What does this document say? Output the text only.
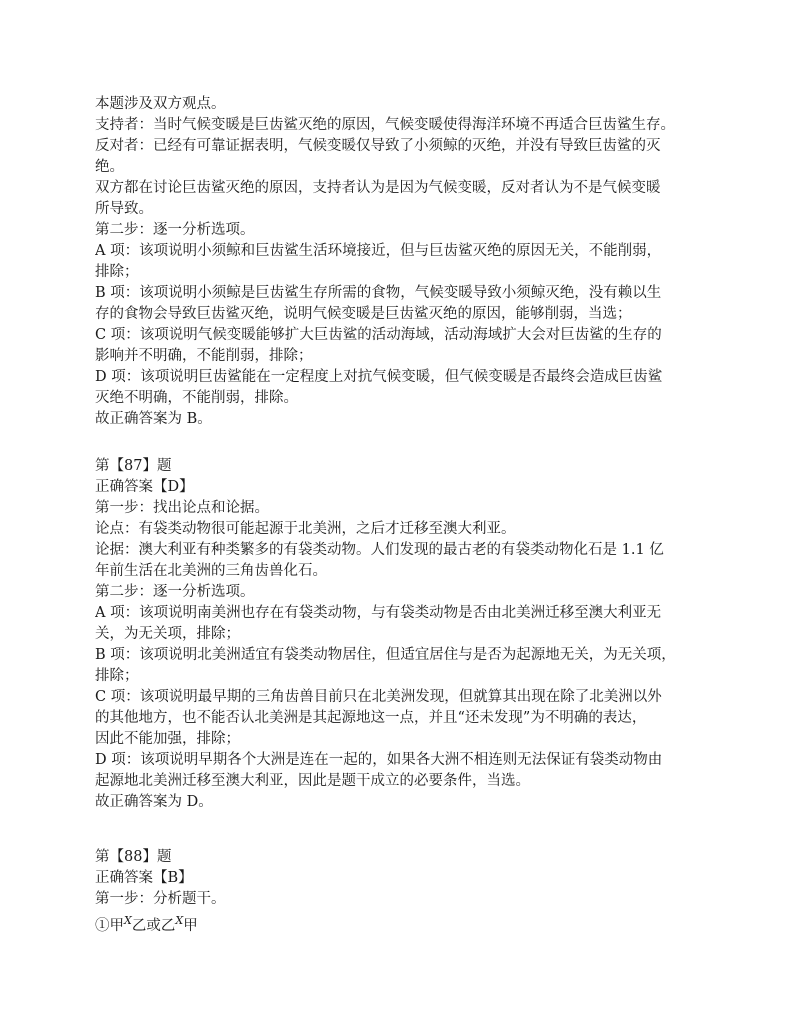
本题涉及双方观点。
支持者：当时气候变暖是巨齿鲨灭绝的原因，气候变暖使得海洋环境不再适合巨齿鲨生存。
反对者：已经有可靠证据表明，气候变暖仅导致了小须鲸的灭绝，并没有导致巨齿鲨的灭
绝。
双方都在讨论巨齿鲨灭绝的原因，支持者认为是因为气候变暖，反对者认为不是气候变暖
所导致。
第二步：逐一分析选项。
A 项：该项说明小须鲸和巨齿鲨生活环境接近，但与巨齿鲨灭绝的原因无关，不能削弱，
排除；
B 项：该项说明小须鲸是巨齿鲨生存所需的食物，气候变暖导致小须鲸灭绝，没有赖以生
存的食物会导致巨齿鲨灭绝，说明气候变暖是巨齿鲨灭绝的原因，能够削弱，当选；
C 项：该项说明气候变暖能够扩大巨齿鲨的活动海域，活动海域扩大会对巨齿鲨的生存的
影响并不明确，不能削弱，排除；
D 项：该项说明巨齿鲨能在一定程度上对抗气候变暖，但气候变暖是否最终会造成巨齿鲨
灭绝不明确，不能削弱，排除。
故正确答案为 B。
第【87】题
正确答案【D】
第一步：找出论点和论据。
论点：有袋类动物很可能起源于北美洲，之后才迁移至澳大利亚。
论据：澳大利亚有种类繁多的有袋类动物。人们发现的最古老的有袋类动物化石是 1.1 亿
年前生活在北美洲的三角齿兽化石。
第二步：逐一分析选项。
A 项：该项说明南美洲也存在有袋类动物，与有袋类动物是否由北美洲迁移至澳大利亚无
关，为无关项，排除；
B 项：该项说明北美洲适宜有袋类动物居住，但适宜居住与是否为起源地无关，为无关项，
排除；
C 项：该项说明最早期的三角齿兽目前只在北美洲发现，但就算其出现在除了北美洲以外
的其他地方，也不能否认北美洲是其起源地这一点，并且“还未发现”为不明确的表达，
因此不能加强，排除；
D 项：该项说明早期各个大洲是连在一起的，如果各大洲不相连则无法保证有袋类动物由
起源地北美洲迁移至澳大利亚，因此是题干成立的必要条件，当选。
故正确答案为 D。
第【88】题
正确答案【B】
第一步：分析题干。
①甲$^X$乙或乙$^X$甲
